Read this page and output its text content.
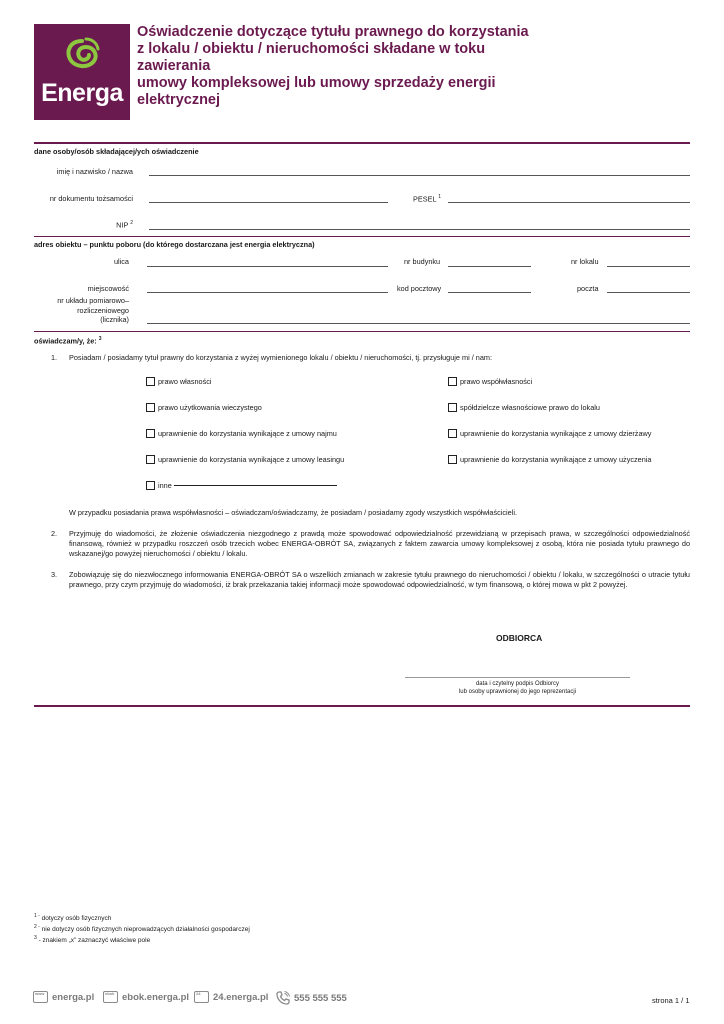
Energa
Oświadczenie dotyczące tytułu prawnego do korzystania
z lokalu / obiektu / nieruchomości składane w toku zawierania
umowy kompleksowej lub umowy sprzedaży energii elektrycznej
dane osoby/osób składającej/ych oświadczenie
imię i nazwisko / nazwa
nr dokumentu tożsamości	PESEL $^1$
NIP $^2$
adres obiektu – punktu poboru (do którego dostarczana jest energia elektryczna)
ulica	nr budynku	nr lokalu
miejscowość	kod pocztowy	poczta
nr układu pomiarowo–
rozliczeniowego
(licznika)
oświadczam/y, że: $^3$
1. Posiadam / posiadamy tytuł prawny do korzystania z wyżej wymienionego lokalu / obiektu / nieruchomości, tj. przysługuje mi / nam:
prawo własności
prawo użytkowania wieczystego
uprawnienie do korzystania wynikające z umowy najmu
uprawnienie do korzystania wynikające z umowy leasingu
inne
prawo współwłasności
spółdzielcze własnościowe prawo do lokalu
uprawnienie do korzystania wynikające z umowy dzierżawy
uprawnienie do korzystania wynikające z umowy użyczenia
W przypadku posiadania prawa współwłasności – oświadczam/oświadczamy, że posiadam / posiadamy zgody wszystkich współwłaścicieli.
2. Przyjmuję do wiadomości, że złożenie oświadczenia niezgodnego z prawdą może spowodować odpowiedzialność przewidzianą w przepisach prawa, w szczególności odpowiedzialność finansową, również w przypadku roszczeń osób trzecich wobec ENERGA-OBRÓT SA, związanych z faktem zawarcia umowy kompleksowej z osobą, która nie posiada tytułu prawnego do wskazanej/go powyżej nieruchomości / obiektu / lokalu.
3. Zobowiązuję się do niezwłocznego informowania ENERGA-OBRÓT SA o wszelkich zmianach w zakresie tytułu prawnego do nieruchomości / obiektu / lokalu, w szczególności o utracie tytułu prawnego, przy czym przyjmuję do wiadomości, iż brak przekazania takiej informacji może spowodować odpowiedzialność, w tym finansową, o której mowa w pkt 2 powyżej.
ODBIORCA
data i czytelny podpis Odbiorcy
lub osoby uprawnionej do jego reprezentacji
$^{1 -}$ dotyczy osób fizycznych
$^{2 -}$ nie dotyczy osób fizycznych nieprowadzących działalności gospodarczej
$^3$ - znakiem „x” zaznaczyć właściwe pole
www energa.pl	ebok ebok.energa.pl 24 24.energa.pl	555 555 555	strona 1 / 1
